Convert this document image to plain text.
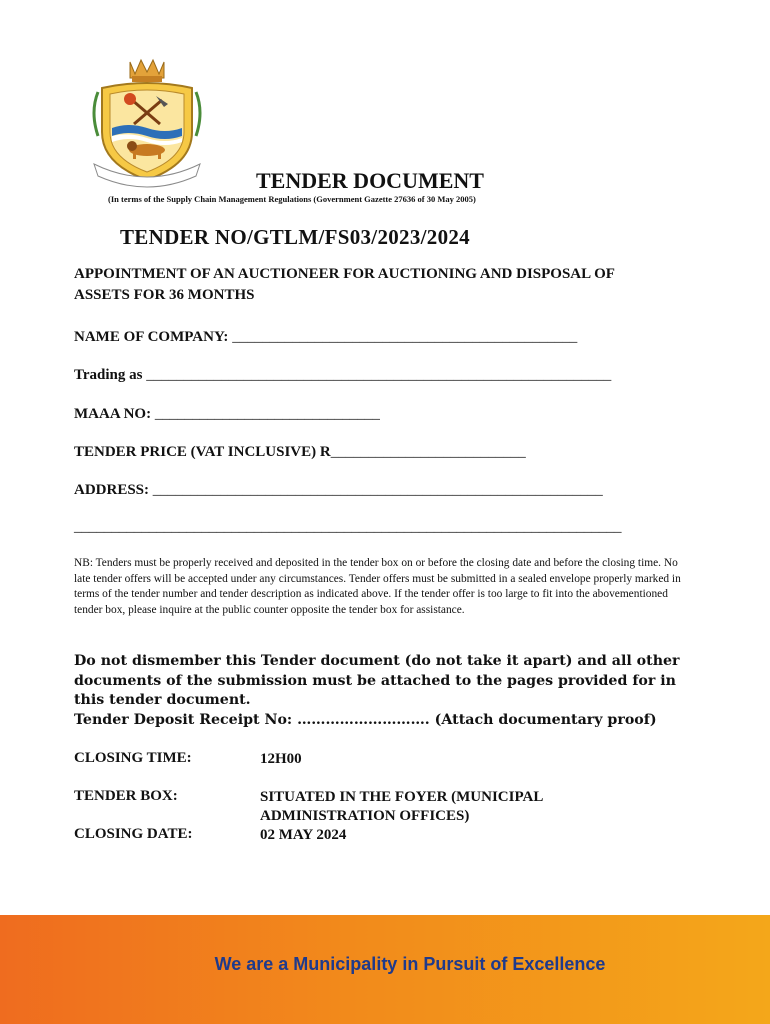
TENDER DOCUMENT
(In terms of the Supply Chain Management Regulations (Government Gazette 27636 of 30 May 2005)
TENDER NO/GTLM/FS03/2023/2024
APPOINTMENT OF AN AUCTIONEER FOR AUCTIONING AND DISPOSAL OF ASSETS FOR 36 MONTHS
NAME OF COMPANY: ______________________________________________
Trading as ______________________________________________________________
MAAA NO: ______________________________
TENDER PRICE (VAT INCLUSIVE) R__________________________
ADDRESS: ____________________________________________________________
_________________________________________________________________________
NB: Tenders must be properly received and deposited in the tender box on or before the closing date and before the closing time. No late tender offers will be accepted under any circumstances. Tender offers must be submitted in a sealed envelope properly marked in terms of the tender number and tender description as indicated above. If the tender offer is too large to fit into the abovementioned tender box, please inquire at the public counter opposite the tender box for assistance.
Do not dismember this Tender document (do not take it apart) and all other documents of the submission must be attached to the pages provided for in this tender document.
Tender Deposit Receipt No: ………………………. (Attach documentary proof)
CLOSING TIME:	12H00
TENDER BOX:	SITUATED IN THE FOYER (MUNICIPAL ADMINISTRATION OFFICES)
CLOSING DATE:	02 MAY 2024
We are a Municipality in Pursuit of Excellence
